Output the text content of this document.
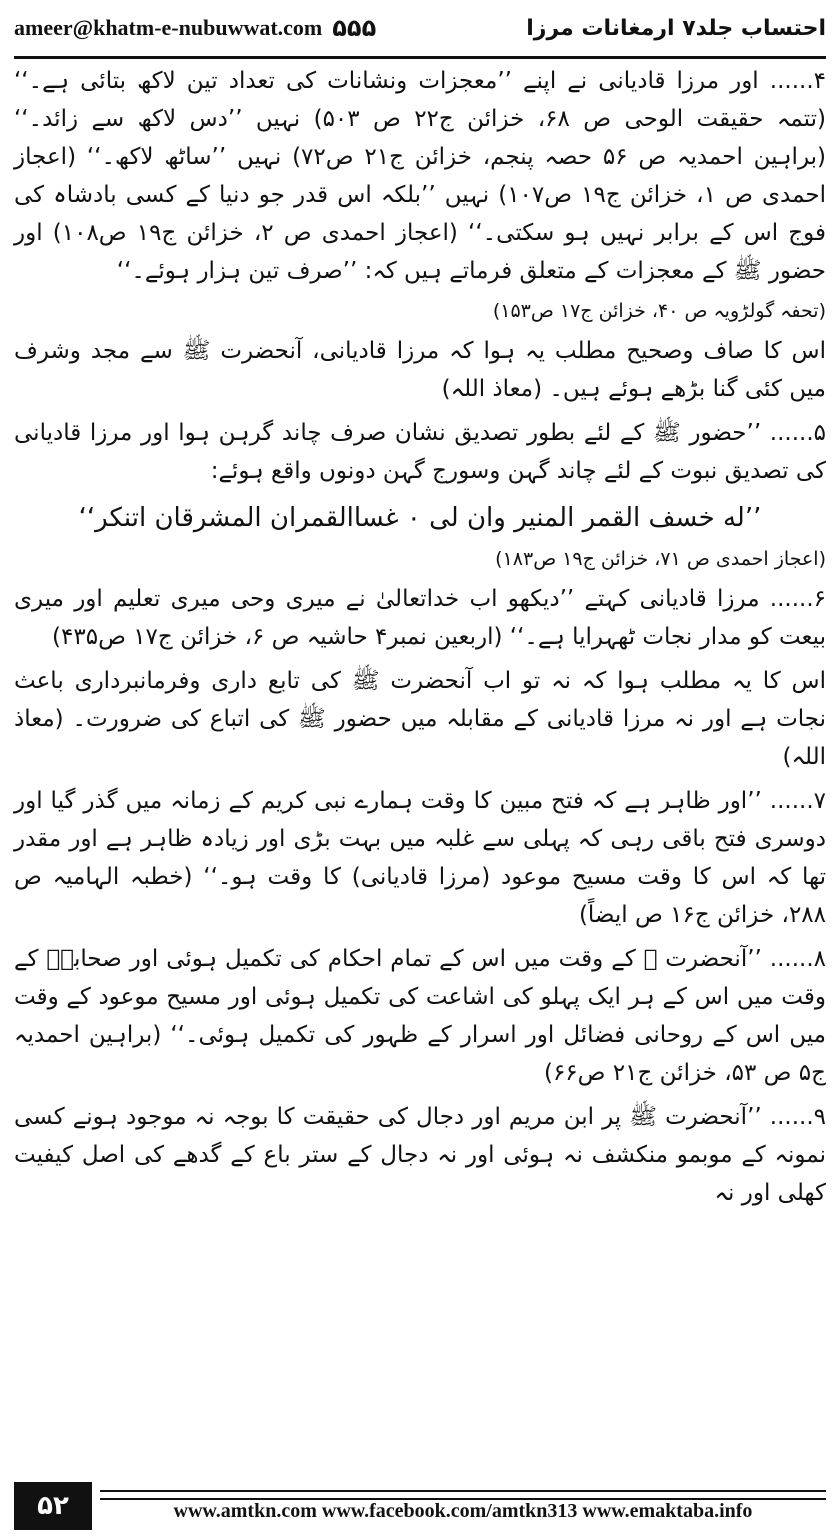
ameer@khatm-e-nubuwwat.com ۵۵۵	احتساب جلد۷ ارمغانات مرزا

۴...... اور مرزا قادیانی نے اپنے ’’معجزات ونشانات کی تعداد تین لاکھ بتائی ہے۔‘‘ (تتمہ حقیقت الوحی ص ۶۸، خزائن ج۲۲ ص ۵۰۳) نہیں ’’دس لاکھ سے زائد۔‘‘ (براہین احمدیہ ص ۵۶ حصہ پنجم، خزائن ج۲۱ ص۷۲) نہیں ’’ساٹھ لاکھ۔‘‘ (اعجاز احمدی ص ۱، خزائن ج۱۹ ص۱۰۷) نہیں ’’بلکہ اس قدر جو دنیا کے کسی بادشاہ کی فوج اس کے برابر نہیں ہو سکتی۔‘‘ (اعجاز احمدی ص ۲، خزائن ج۱۹ ص۱۰۸) اور حضور ﷺ کے معجزات کے متعلق فرماتے ہیں کہ: ’’صرف تین ہزار ہوئے۔‘‘

(تحفہ گولڑویہ ص ۴۰، خزائن ج۱۷ ص۱۵۳)

اس کا صاف وصحیح مطلب یہ ہوا کہ مرزا قادیانی، آنحضرت ﷺ سے مجد وشرف میں کئی گنا بڑھے ہوئے ہیں۔ (معاذ اللہ)

۵...... ’’حضور ﷺ کے لئے بطور تصدیق نشان صرف چاند گرہن ہوا اور مرزا قادیانی کی تصدیق نبوت کے لئے چاند گہن وسورج گہن دونوں واقع ہوئے:

’’له خسف القمر المنير وان لى ۰ غساالقمران المشرقان اتنكر‘‘

(اعجاز احمدی ص ۷۱، خزائن ج۱۹ ص۱۸۳)

۶...... مرزا قادیانی کہتے ’’دیکھو اب خداتعالیٰ نے میری وحی میری تعلیم اور میری بیعت کو مدار نجات ٹھہرایا ہے۔‘‘ (اربعین نمبر۴ حاشیہ ص ۶، خزائن ج۱۷ ص۴۳۵)

اس کا یہ مطلب ہوا کہ نہ تو اب آنحضرت ﷺ کی تابع داری وفرمانبرداری باعث نجات ہے اور نہ مرزا قادیانی کے مقابلہ میں حضور ﷺ کی اتباع کی ضرورت۔ (معاذ اللہ)

۷...... ’’اور ظاہر ہے کہ فتح مبین کا وقت ہمارے نبی کریم کے زمانہ میں گذر گیا اور دوسری فتح باقی رہی کہ پہلی سے غلبہ میں بہت بڑی اور زیادہ ظاہر ہے اور مقدر تھا کہ اس کا وقت مسیح موعود (مرزا قادیانی) کا وقت ہو۔‘‘ (خطبہ الہامیہ ص ۲۸۸، خزائن ج۱۶ ص ایضاً)

۸...... ’’آنحضرت ﷺ کے وقت میں اس کے تمام احکام کی تکمیل ہوئی اور صحابہؓ کے وقت میں اس کے ہر ایک پہلو کی اشاعت کی تکمیل ہوئی اور مسیح موعود کے وقت میں اس کے روحانی فضائل اور اسرار کے ظہور کی تکمیل ہوئی۔‘‘ (براہین احمدیہ ج۵ ص ۵۳، خزائن ج۲۱ ص۶۶)

۹...... ’’آنحضرت ﷺ پر ابن مریم اور دجال کی حقیقت کا بوجہ نہ موجود ہونے کسی نمونہ کے موبمو منکشف نہ ہوئی اور نہ دجال کے ستر باع کے گدھے کی اصل کیفیت کھلی اور نہ

۵۲	www.amtkn.com www.facebook.com/amtkn313 www.emaktaba.info
